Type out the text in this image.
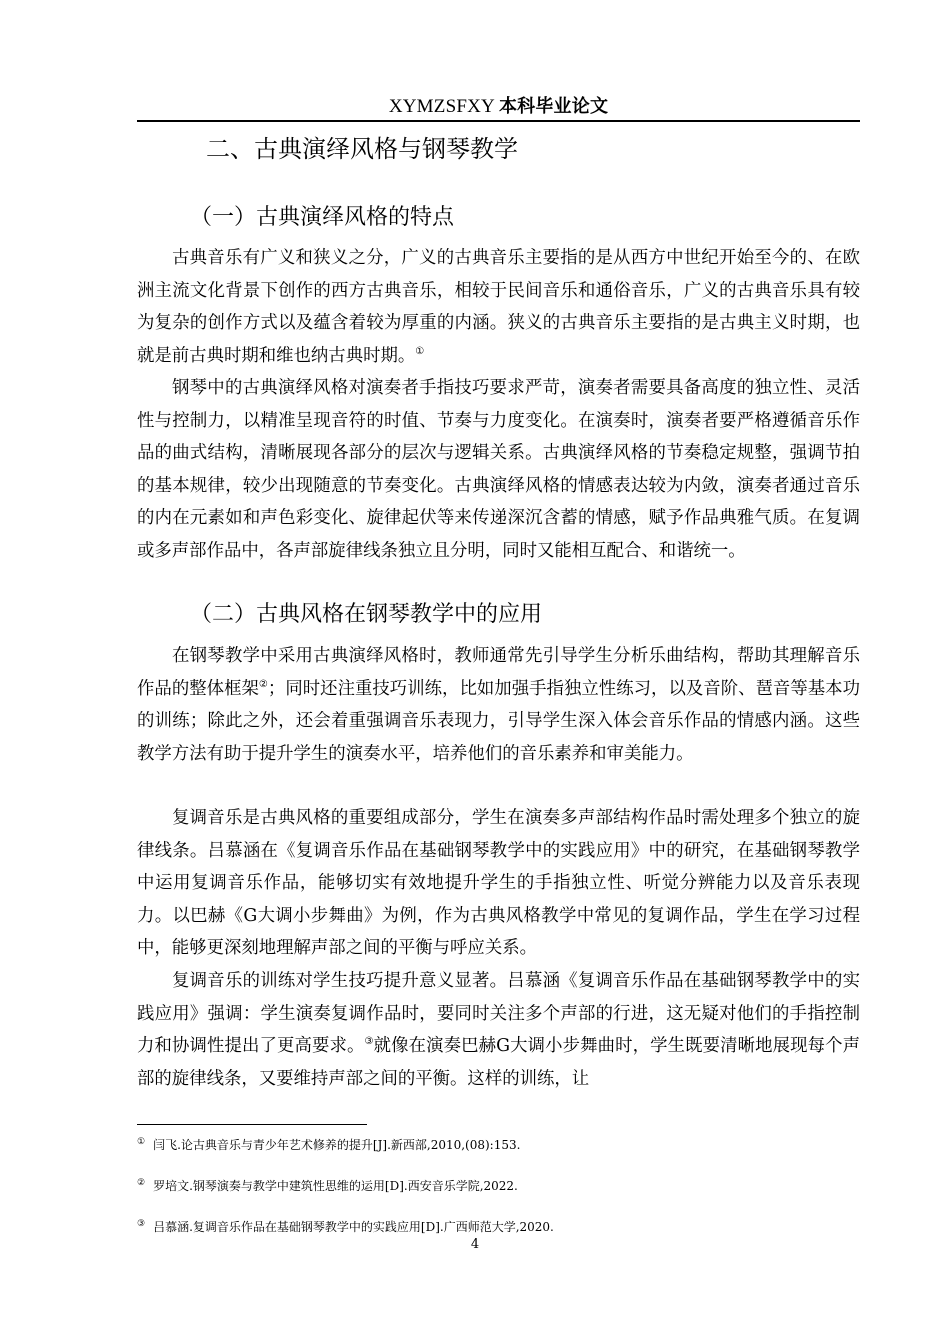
XYMZSFXY 本科毕业论文
二、古典演绎风格与钢琴教学
（一）古典演绎风格的特点

古典音乐有广义和狭义之分，广义的古典音乐主要指的是从西方中世纪开始至今的、在欧洲主流文化背景下创作的西方古典音乐，相较于民间音乐和通俗音乐，广义的古典音乐具有较为复杂的创作方式以及蕴含着较为厚重的内涵。狭义的古典音乐主要指的是古典主义时期，也就是前古典时期和维也纳古典时期。①

钢琴中的古典演绎风格对演奏者手指技巧要求严苛，演奏者需要具备高度的独立性、灵活性与控制力，以精准呈现音符的时值、节奏与力度变化。在演奏时，演奏者要严格遵循音乐作品的曲式结构，清晰展现各部分的层次与逻辑关系。古典演绎风格的节奏稳定规整，强调节拍的基本规律，较少出现随意的节奏变化。古典演绎风格的情感表达较为内敛，演奏者通过音乐的内在元素如和声色彩变化、旋律起伏等来传递深沉含蓄的情感，赋予作品典雅气质。在复调或多声部作品中，各声部旋律线条独立且分明，同时又能相互配合、和谐统一。

（二）古典风格在钢琴教学中的应用

在钢琴教学中采用古典演绎风格时，教师通常先引导学生分析乐曲结构，帮助其理解音乐作品的整体框架②；同时还注重技巧训练，比如加强手指独立性练习，以及音阶、琶音等基本功的训练；除此之外，还会着重强调音乐表现力，引导学生深入体会音乐作品的情感内涵。这些教学方法有助于提升学生的演奏水平，培养他们的音乐素养和审美能力。

复调音乐是古典风格的重要组成部分，学生在演奏多声部结构作品时需处理多个独立的旋律线条。吕慕涵在《复调音乐作品在基础钢琴教学中的实践应用》中的研究，在基础钢琴教学中运用复调音乐作品，能够切实有效地提升学生的手指独立性、听觉分辨能力以及音乐表现力。以巴赫《G大调小步舞曲》为例，作为古典风格教学中常见的复调作品，学生在学习过程中，能够更深刻地理解声部之间的平衡与呼应关系。

复调音乐的训练对学生技巧提升意义显著。吕慕涵《复调音乐作品在基础钢琴教学中的实践应用》强调：学生演奏复调作品时，要同时关注多个声部的行进，这无疑对他们的手指控制力和协调性提出了更高要求。③就像在演奏巴赫G大调小步舞曲时，学生既要清晰地展现每个声部的旋律线条，又要维持声部之间的平衡。这样的训练，让

① 闫飞.论古典音乐与青少年艺术修养的提升[J].新西部,2010,(08):153.
② 罗培文.钢琴演奏与教学中建筑性思维的运用[D].西安音乐学院,2022.
③ 吕慕涵.复调音乐作品在基础钢琴教学中的实践应用[D].广西师范大学,2020.
4
